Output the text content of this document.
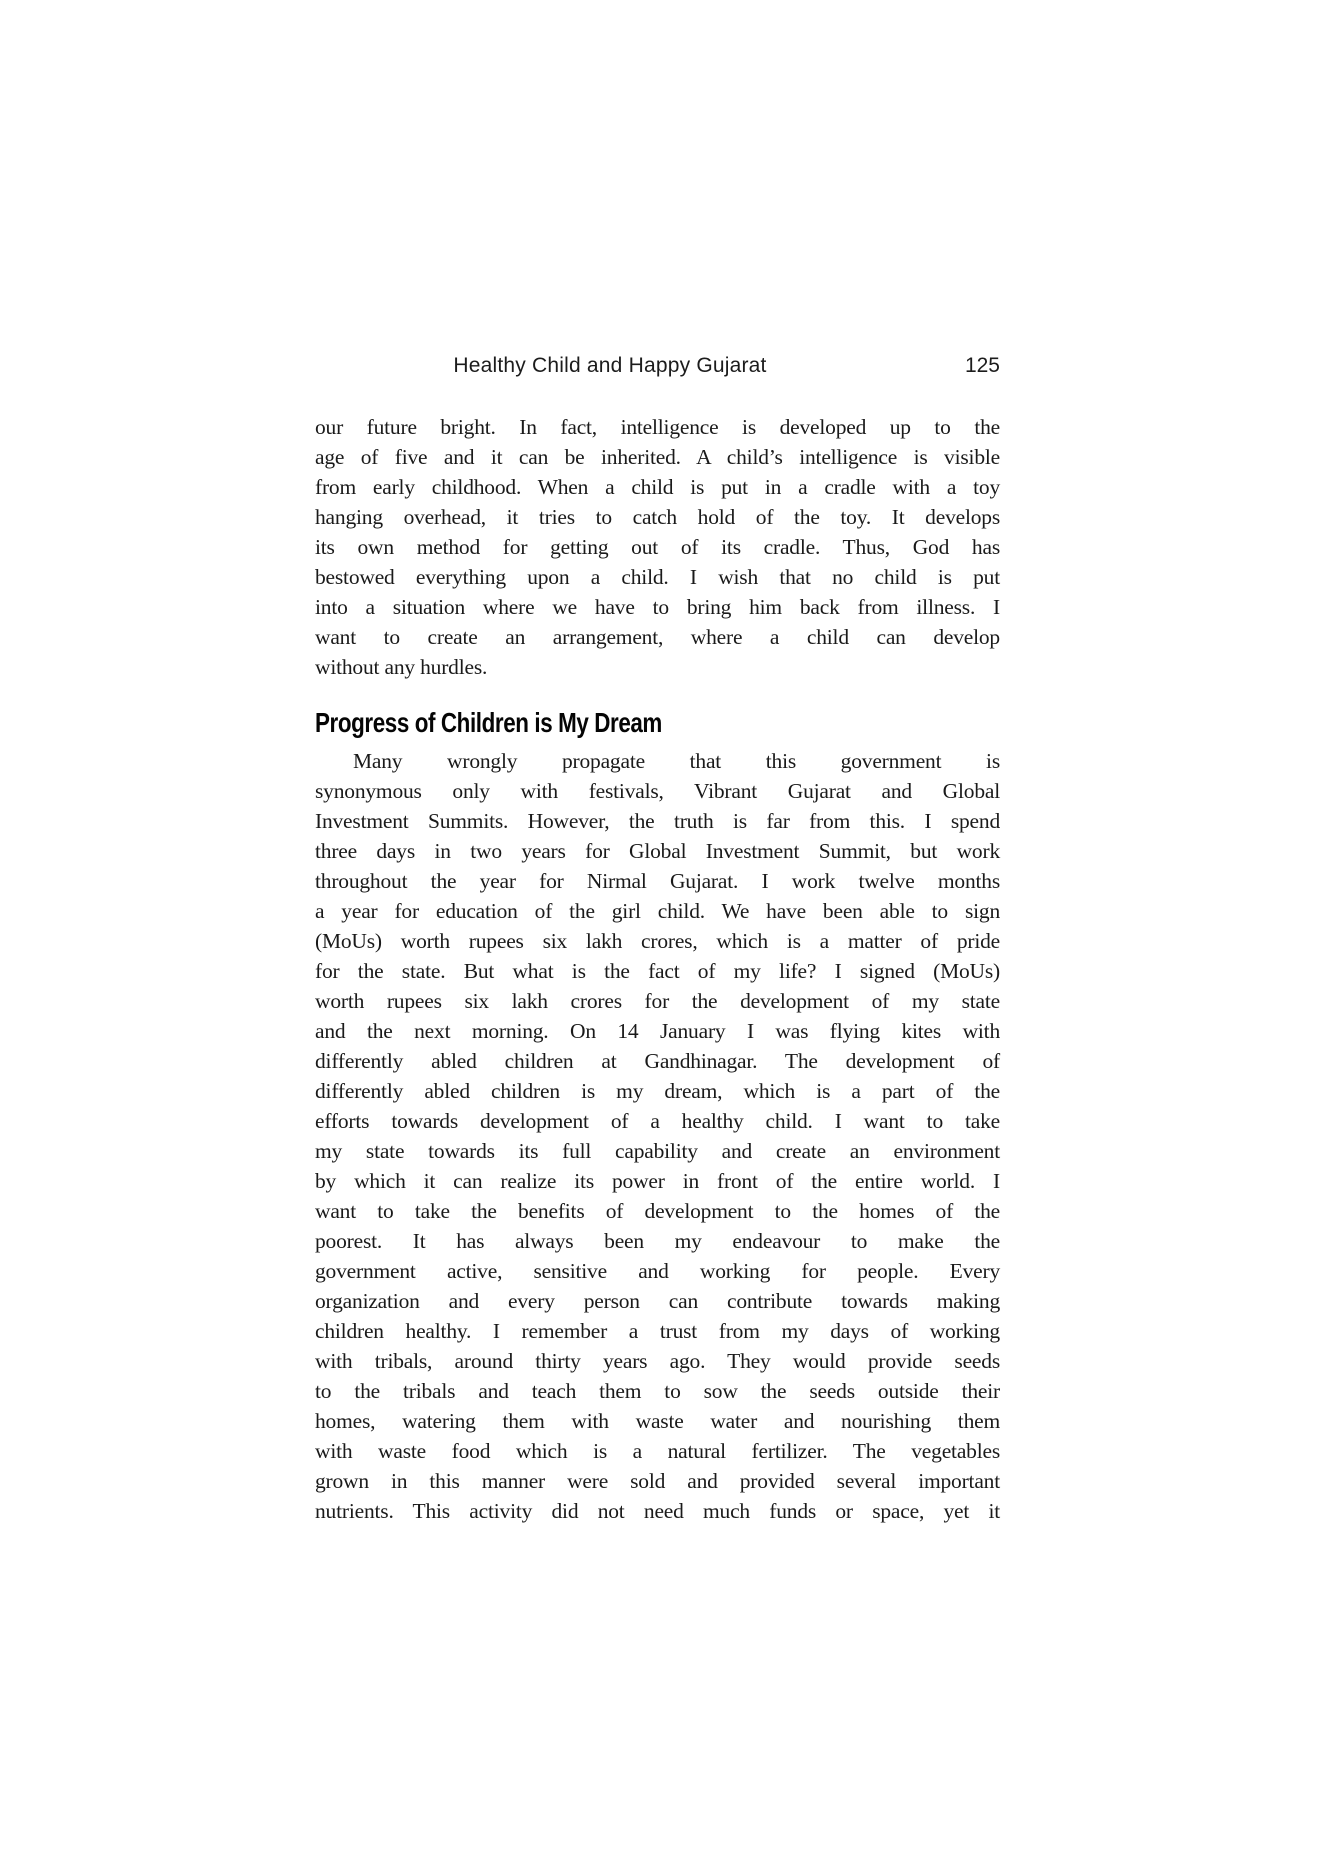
Healthy Child and Happy Gujarat	125
our future bright. In fact, intelligence is developed up to the
age of five and it can be inherited. A child’s intelligence is visible
from early childhood. When a child is put in a cradle with a toy
hanging overhead, it tries to catch hold of the toy. It develops
its own method for getting out of its cradle. Thus, God has
bestowed everything upon a child. I wish that no child is put
into a situation where we have to bring him back from illness. I
want to create an arrangement, where a child can develop
without any hurdles.
Progress of Children is My Dream
Many wrongly propagate that this government is
synonymous only with festivals, Vibrant Gujarat and Global
Investment Summits. However, the truth is far from this. I spend
three days in two years for Global Investment Summit, but work
throughout the year for Nirmal Gujarat. I work twelve months
a year for education of the girl child. We have been able to sign
(MoUs) worth rupees six lakh crores, which is a matter of pride
for the state. But what is the fact of my life? I signed (MoUs)
worth rupees six lakh crores for the development of my state
and the next morning. On 14 January I was flying kites with
differently abled children at Gandhinagar. The development of
differently abled children is my dream, which is a part of the
efforts towards development of a healthy child. I want to take
my state towards its full capability and create an environment
by which it can realize its power in front of the entire world. I
want to take the benefits of development to the homes of the
poorest. It has always been my endeavour to make the
government active, sensitive and working for people. Every
organization and every person can contribute towards making
children healthy. I remember a trust from my days of working
with tribals, around thirty years ago. They would provide seeds
to the tribals and teach them to sow the seeds outside their
homes, watering them with waste water and nourishing them
with waste food which is a natural fertilizer. The vegetables
grown in this manner were sold and provided several important
nutrients. This activity did not need much funds or space, yet it
